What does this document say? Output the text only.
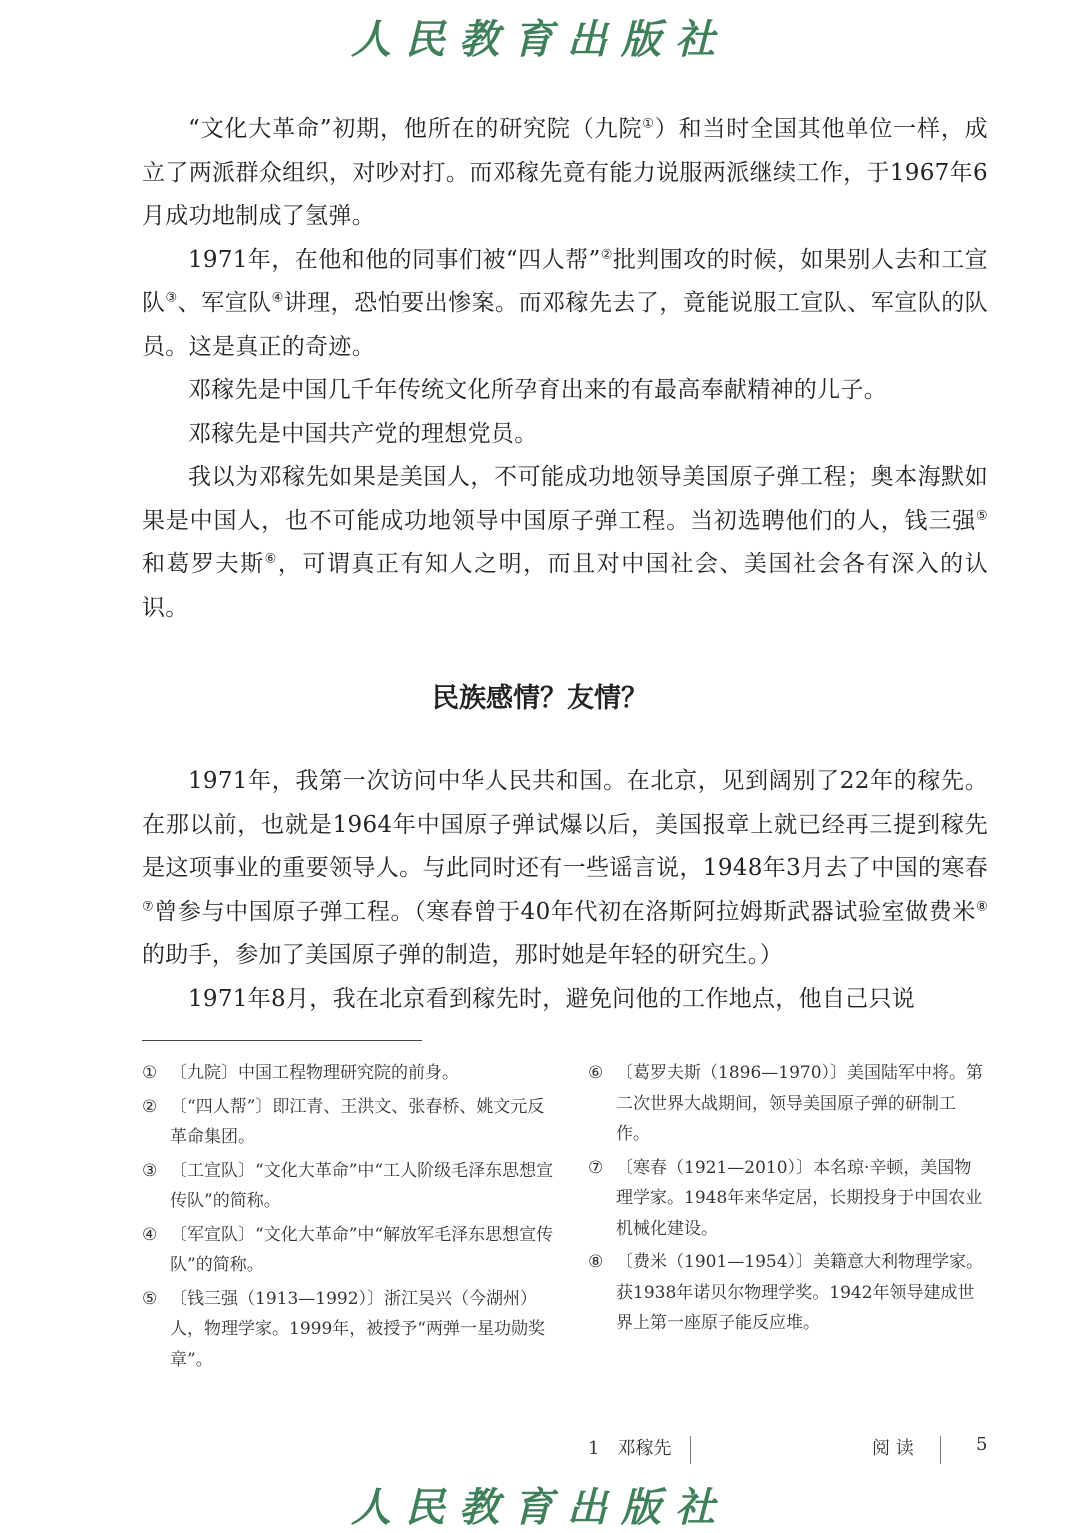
人民教育出版社

“文化大革命”初期，他所在的研究院（九院①）和当时全国其他单位一样，成立了两派群众组织，对吵对打。而邓稼先竟有能力说服两派继续工作，于1967年6月成功地制成了氢弹。

1971年，在他和他的同事们被“四人帮”②批判围攻的时候，如果别人去和工宣队③、军宣队④讲理，恐怕要出惨案。而邓稼先去了，竟能说服工宣队、军宣队的队员。这是真正的奇迹。

邓稼先是中国几千年传统文化所孕育出来的有最高奉献精神的儿子。

邓稼先是中国共产党的理想党员。

我以为邓稼先如果是美国人，不可能成功地领导美国原子弹工程；奥本海默如果是中国人，也不可能成功地领导中国原子弹工程。当初选聘他们的人，钱三强⑤和葛罗夫斯⑥，可谓真正有知人之明，而且对中国社会、美国社会各有深入的认识。

民族感情？友情？

1971年，我第一次访问中华人民共和国。在北京，见到阔别了22年的稼先。在那以前，也就是1964年中国原子弹试爆以后，美国报章上就已经再三提到稼先是这项事业的重要领导人。与此同时还有一些谣言说，1948年3月去了中国的寒春⑦曾参与中国原子弹工程。（寒春曾于40年代初在洛斯阿拉姆斯武器试验室做费米⑧的助手，参加了美国原子弹的制造，那时她是年轻的研究生。）

1971年8月，我在北京看到稼先时，避免问他的工作地点，他自己只说

① 〔九院〕中国工程物理研究院的前身。
② 〔“四人帮”〕即江青、王洪文、张春桥、姚文元反革命集团。
③ 〔工宣队〕“文化大革命”中“工人阶级毛泽东思想宣传队”的简称。
④ 〔军宣队〕“文化大革命”中“解放军毛泽东思想宣传队”的简称。
⑤ 〔钱三强（1913—1992）〕浙江吴兴（今湖州）人，物理学家。1999年，被授予“两弹一星功勋奖章”。
⑥ 〔葛罗夫斯（1896—1970）〕美国陆军中将。第二次世界大战期间，领导美国原子弹的研制工作。
⑦ 〔寒春（1921—2010）〕本名琼·辛顿，美国物理学家。1948年来华定居，长期投身于中国农业机械化建设。
⑧ 〔费米（1901—1954）〕美籍意大利物理学家。获1938年诺贝尔物理学奖。1942年领导建成世界上第一座原子能反应堆。
1　邓稼先	阅 读	5
人民教育出版社
